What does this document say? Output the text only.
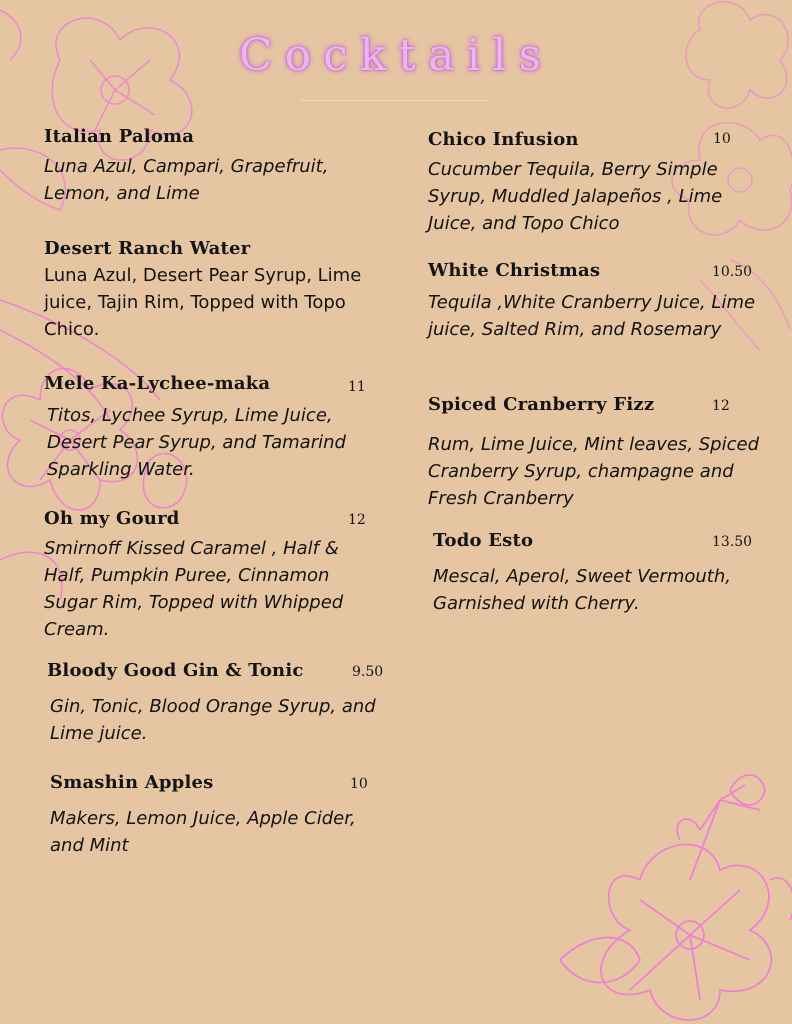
Cocktails
Italian Paloma
Luna Azul, Campari, Grapefruit, Lemon, and Lime
Desert Ranch Water
Luna Azul, Desert Pear Syrup, Lime juice, Tajin Rim, Topped with Topo Chico.
Mele Ka-Lychee-maka	11
Titos, Lychee Syrup, Lime Juice, Desert Pear Syrup, and Tamarind Sparkling Water.
Oh my Gourd	12
Smirnoff Kissed Caramel , Half & Half, Pumpkin Puree, Cinnamon Sugar Rim, Topped with Whipped Cream.
Bloody Good Gin & Tonic	9.50
Gin, Tonic, Blood Orange Syrup, and Lime juice.
Smashin Apples	10
Makers, Lemon Juice, Apple Cider, and Mint
Chico Infusion	10
Cucumber Tequila, Berry Simple Syrup, Muddled Jalapeños , Lime Juice, and Topo Chico
White Christmas	10.50
Tequila ,White Cranberry Juice, Lime juice, Salted Rim, and Rosemary
Spiced Cranberry Fizz	12
Rum, Lime Juice, Mint leaves, Spiced Cranberry Syrup, champagne and Fresh Cranberry
Todo Esto	13.50
Mescal, Aperol, Sweet Vermouth, Garnished with Cherry.
